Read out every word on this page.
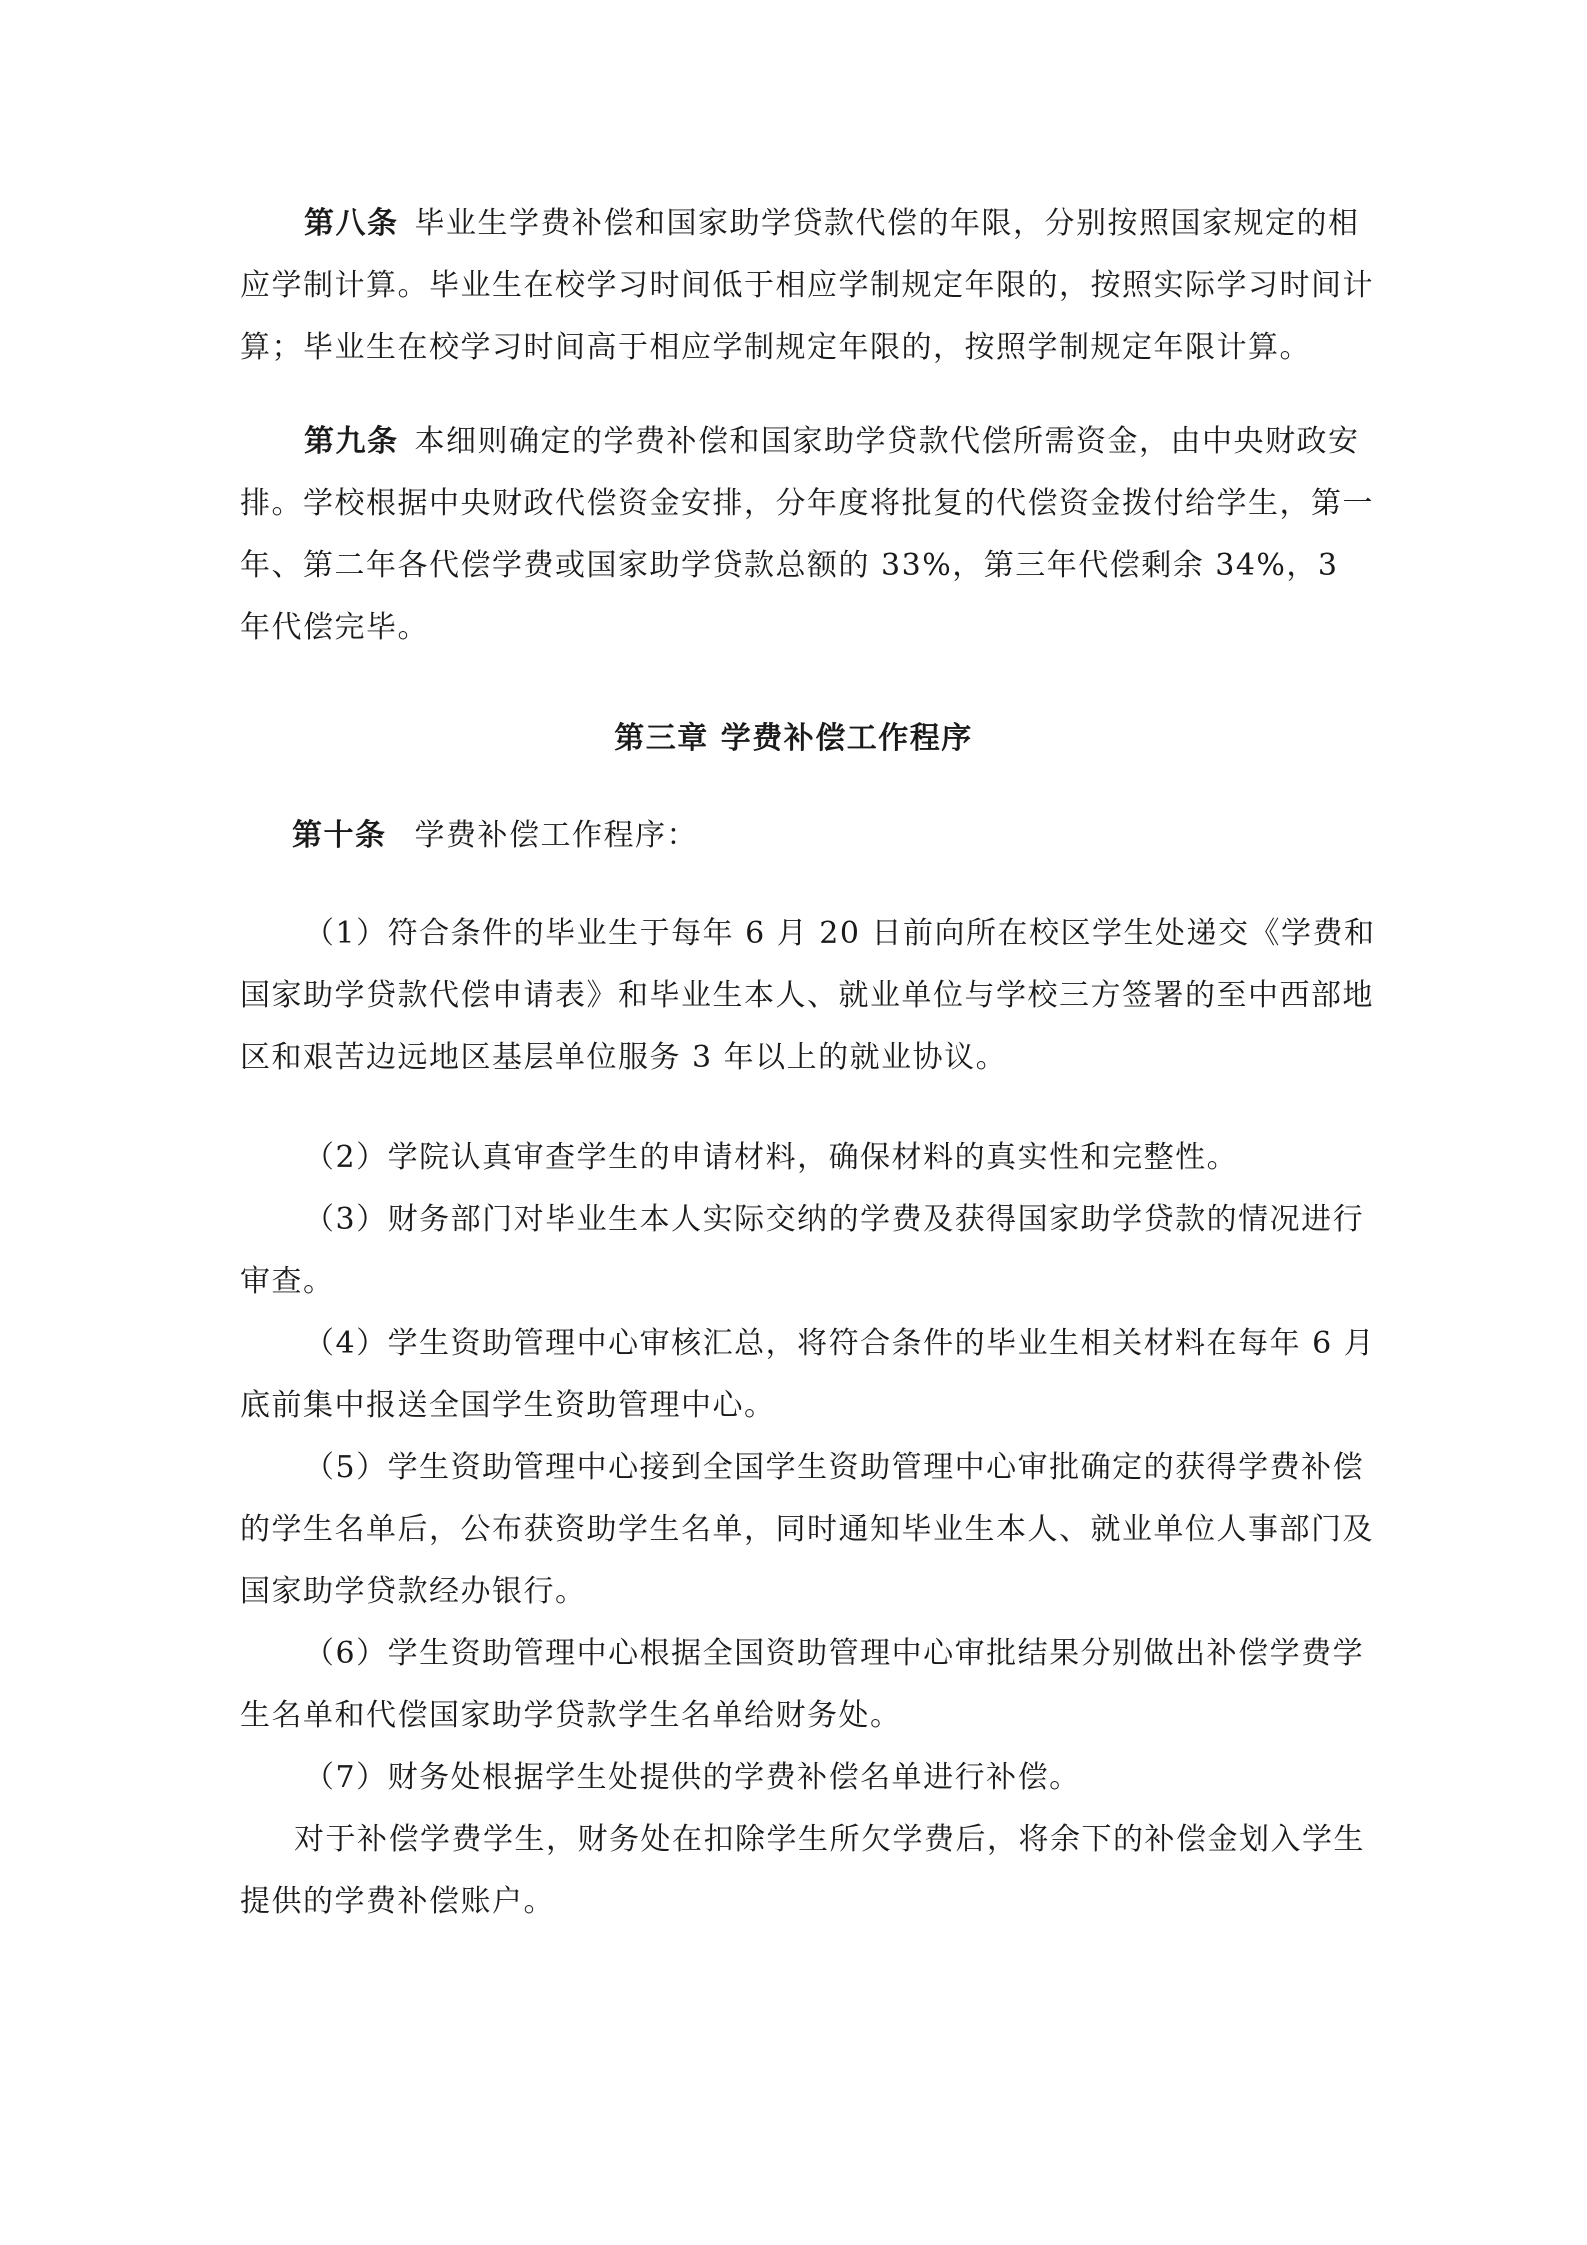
第八条 毕业生学费补偿和国家助学贷款代偿的年限，分别按照国家规定的相应学制计算。毕业生在校学习时间低于相应学制规定年限的，按照实际学习时间计算；毕业生在校学习时间高于相应学制规定年限的，按照学制规定年限计算。

第九条 本细则确定的学费补偿和国家助学贷款代偿所需资金，由中央财政安排。学校根据中央财政代偿资金安排，分年度将批复的代偿资金拨付给学生，第一年、第二年各代偿学费或国家助学贷款总额的 33%，第三年代偿剩余 34%，3 年代偿完毕。

第三章 学费补偿工作程序

第十条 学费补偿工作程序：

（1）符合条件的毕业生于每年 6 月 20 日前向所在校区学生处递交《学费和国家助学贷款代偿申请表》和毕业生本人、就业单位与学校三方签署的至中西部地区和艰苦边远地区基层单位服务 3 年以上的就业协议。

（2）学院认真审查学生的申请材料，确保材料的真实性和完整性。

（3）财务部门对毕业生本人实际交纳的学费及获得国家助学贷款的情况进行审查。

（4）学生资助管理中心审核汇总，将符合条件的毕业生相关材料在每年 6 月底前集中报送全国学生资助管理中心。

（5）学生资助管理中心接到全国学生资助管理中心审批确定的获得学费补偿的学生名单后，公布获资助学生名单，同时通知毕业生本人、就业单位人事部门及国家助学贷款经办银行。

（6）学生资助管理中心根据全国资助管理中心审批结果分别做出补偿学费学生名单和代偿国家助学贷款学生名单给财务处。

（7）财务处根据学生处提供的学费补偿名单进行补偿。

对于补偿学费学生，财务处在扣除学生所欠学费后，将余下的补偿金划入学生提供的学费补偿账户。
